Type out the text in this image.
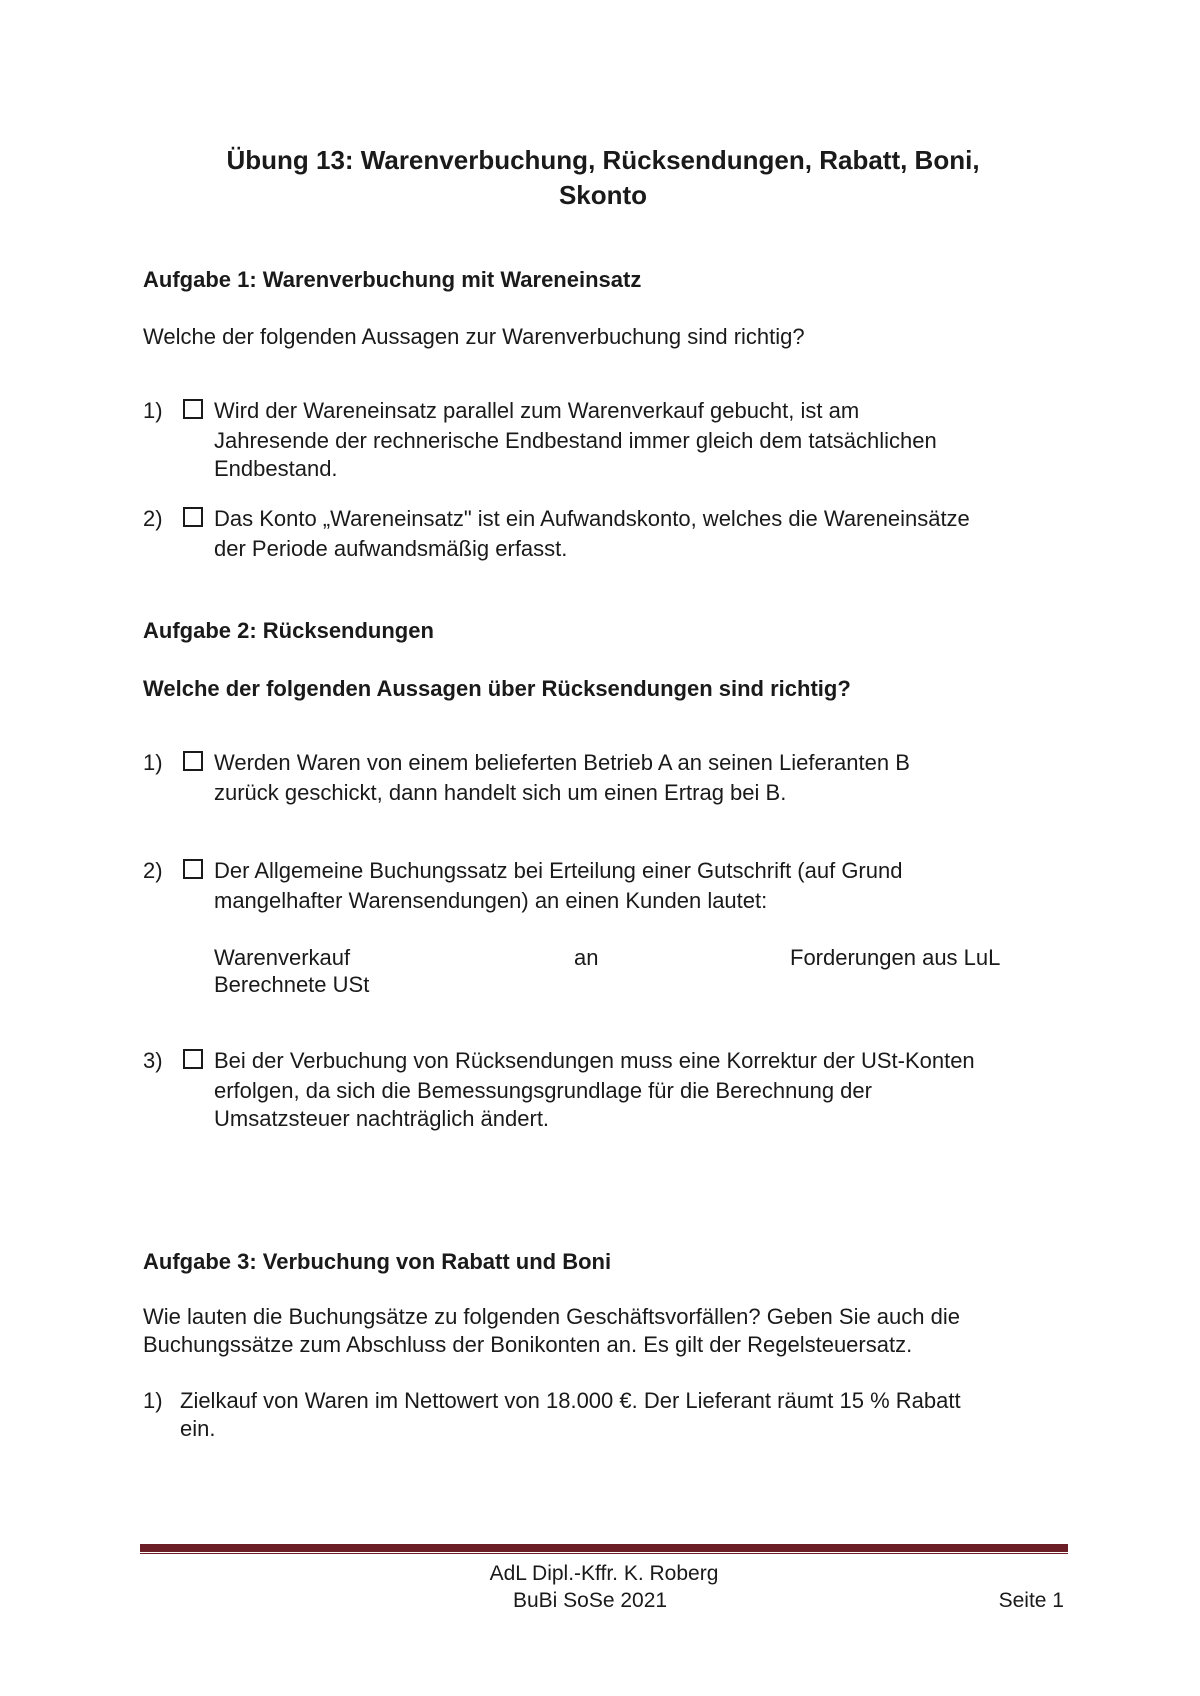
Übung 13: Warenverbuchung, Rücksendungen, Rabatt, Boni,
Skonto
Aufgabe 1: Warenverbuchung mit Wareneinsatz
Welche der folgenden Aussagen zur Warenverbuchung sind richtig?
1) Wird der Wareneinsatz parallel zum Warenverkauf gebucht, ist am
Jahresende der rechnerische Endbestand immer gleich dem tatsächlichen
Endbestand.
2) Das Konto „Wareneinsatz" ist ein Aufwandskonto, welches die Wareneinsätze
der Periode aufwandsmäßig erfasst.
Aufgabe 2: Rücksendungen
Welche der folgenden Aussagen über Rücksendungen sind richtig?
1) Werden Waren von einem belieferten Betrieb A an seinen Lieferanten B
zurück geschickt, dann handelt sich um einen Ertrag bei B.
2) Der Allgemeine Buchungssatz bei Erteilung einer Gutschrift (auf Grund
mangelhafter Warensendungen) an einen Kunden lautet:
Warenverkauf	an	Forderungen aus LuL
Berechnete USt
3) Bei der Verbuchung von Rücksendungen muss eine Korrektur der USt-Konten
erfolgen, da sich die Bemessungsgrundlage für die Berechnung der
Umsatzsteuer nachträglich ändert.
Aufgabe 3: Verbuchung von Rabatt und Boni
Wie lauten die Buchungsätze zu folgenden Geschäftsvorfällen? Geben Sie auch die
Buchungssätze zum Abschluss der Bonikonten an. Es gilt der Regelsteuersatz.
1) Zielkauf von Waren im Nettowert von 18.000 €. Der Lieferant räumt 15 % Rabatt
ein.
AdL Dipl.-Kffr. K. Roberg
BuBi SoSe 2021	Seite 1
